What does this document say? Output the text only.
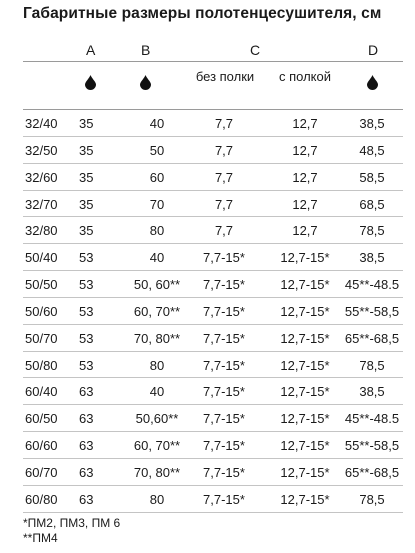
Габаритные размеры полотенцесушителя, см
A	B	C	D
без полки	с полкой
32/40 35	40	7,7	12,7	38,5
32/50 35	50	7,7	12,7	48,5
32/60 35	60	7,7	12,7	58,5
32/70 35	70	7,7	12,7	68,5
32/80 35	80	7,7	12,7	78,5
50/40 53	40	7,7-15*	12,7-15*	38,5
50/50 53	50, 60**	7,7-15*	12,7-15*	45**-48.5
50/60 53	60, 70**	7,7-15*	12,7-15*	55**-58,5
50/70 53	70, 80**	7,7-15*	12,7-15*	65**-68,5
50/80 53	80	7,7-15*	12,7-15*	78,5
60/40 63	40	7,7-15*	12,7-15*	38,5
60/50 63	50,60**	7,7-15*	12,7-15*	45**-48.5
60/60 63	60, 70**	7,7-15*	12,7-15*	55**-58,5
60/70 63	70, 80**	7,7-15*	12,7-15*	65**-68,5
60/80 63	80	7,7-15*	12,7-15*	78,5
*ПМ2, ПМ3, ПМ 6
**ПМ4
